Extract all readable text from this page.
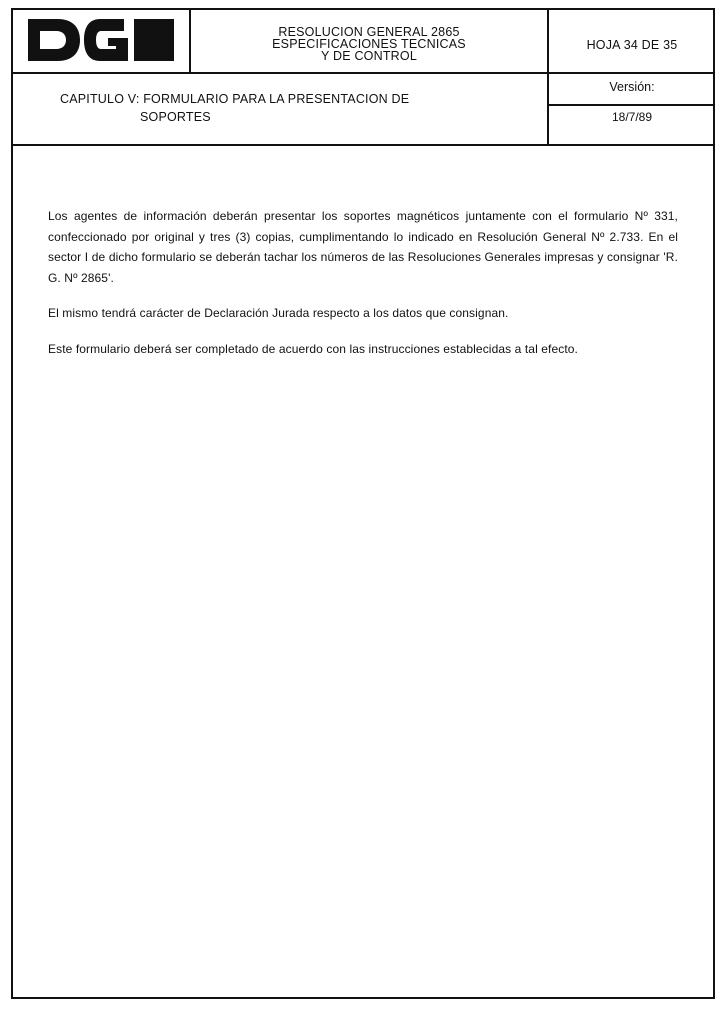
RESOLUCION GENERAL 2865
ESPECIFICACIONES TECNICAS
Y DE CONTROL
HOJA 34 DE 35
CAPITULO V: FORMULARIO PARA LA PRESENTACION DE
SOPORTES
Versión:
18/7/89

Los agentes de información deberán presentar los soportes magnéticos juntamente con el formulario Nº 331, confeccionado por original y tres (3) copias, cumplimentando lo indicado en Resolución General Nº 2.733. En el sector I de dicho formulario se deberán tachar los números de las Resoluciones Generales impresas y consignar 'R. G. Nº 2865'.

El mismo tendrá carácter de Declaración Jurada respecto a los datos que consignan.

Este formulario deberá ser completado de acuerdo con las instrucciones establecidas a tal efecto.
